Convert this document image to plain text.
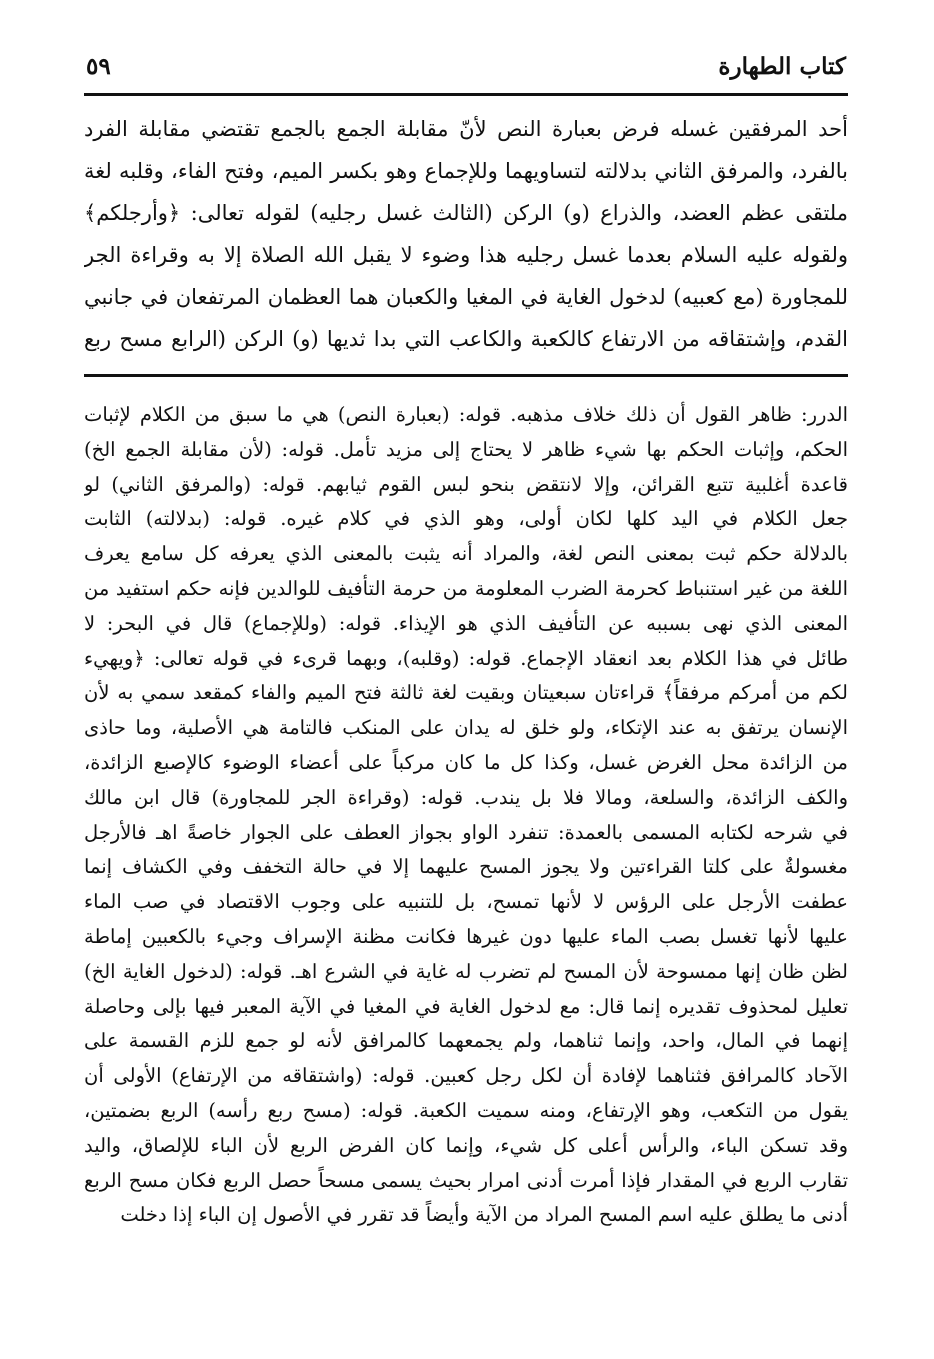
كتاب الطهارة
٥٩
أحد المرفقين غسله فرض بعبارة النص لأنّ مقابلة الجمع بالجمع تقتضي مقابلة الفرد
بالفرد، والمرفق الثاني بدلالته لتساويهما وللإجماع وهو بكسر الميم، وفتح الفاء، وقلبه لغة
ملتقى عظم العضد، والذراع (و) الركن (الثالث غسل رجليه) لقوله تعالى: ﴿وأرجلكم﴾
ولقوله عليه السلام بعدما غسل رجليه هذا وضوء لا يقبل الله الصلاة إلا به وقراءة الجر
للمجاورة (مع كعبيه) لدخول الغاية في المغيا والكعبان هما العظمان المرتفعان في جانبي
القدم، وإشتقاقه من الارتفاع كالكعبة والكاعب التي بدا ثديها (و) الركن (الرابع مسح ربع
الدرر: ظاهر القول أن ذلك خلاف مذهبه. قوله: (بعبارة النص) هي ما سبق من الكلام لإثبات
الحكم، وإثبات الحكم بها شيء ظاهر لا يحتاج إلى مزيد تأمل. قوله: (لأن مقابلة الجمع الخ)
قاعدة أغلبية تتبع القرائن، وإلا لانتقض بنحو لبس القوم ثيابهم. قوله: (والمرفق الثاني) لو
جعل الكلام في اليد كلها لكان أولى، وهو الذي في كلام غيره. قوله: (بدلالته) الثابت
بالدلالة حكم ثبت بمعنى النص لغة، والمراد أنه يثبت بالمعنى الذي يعرفه كل سامع يعرف
اللغة من غير استنباط كحرمة الضرب المعلومة من حرمة التأفيف للوالدين فإنه حكم استفيد من
المعنى الذي نهى بسببه عن التأفيف الذي هو الإيذاء. قوله: (وللإجماع) قال في البحر: لا
طائل في هذا الكلام بعد انعقاد الإجماع. قوله: (وقلبه)، وبهما قرىء في قوله تعالى: ﴿ويهيء
لكم من أمركم مرفقاً﴾ قراءتان سبعيتان وبقيت لغة ثالثة فتح الميم والفاء كمقعد سمي به لأن
الإنسان يرتفق به عند الإتكاء، ولو خلق له يدان على المنكب فالتامة هي الأصلية، وما حاذى
من الزائدة محل الغرض غسل، وكذا كل ما كان مركباً على أعضاء الوضوء كالإصبع الزائدة،
والكف الزائدة، والسلعة، ومالا فلا بل يندب. قوله: (وقراءة الجر للمجاورة) قال ابن مالك
في شرحه لكتابه المسمى بالعمدة: تنفرد الواو بجواز العطف على الجوار خاصةً اهـ فالأرجل
مغسولةٌ على كلتا القراءتين ولا يجوز المسح عليهما إلا في حالة التخفف وفي الكشاف إنما
عطفت الأرجل على الرؤس لا لأنها تمسح، بل للتنبيه على وجوب الاقتصاد في صب الماء
عليها لأنها تغسل بصب الماء عليها دون غيرها فكانت مظنة الإسراف وجيء بالكعبين إماطة
لظن ظان إنها ممسوحة لأن المسح لم تضرب له غاية في الشرع اهـ. قوله: (لدخول الغاية الخ)
تعليل لمحذوف تقديره إنما قال: مع لدخول الغاية في المغيا في الآية المعبر فيها بإلى وحاصلة
إنهما في المال، واحد، وإنما ثناهما، ولم يجمعهما كالمرافق لأنه لو جمع للزم القسمة على
الآحاد كالمرافق فثناهما لإفادة أن لكل رجل كعبين. قوله: (واشتقاقه من الإرتفاع) الأولى أن
يقول من التكعب، وهو الإرتفاع، ومنه سميت الكعبة. قوله: (مسح ربع رأسه) الربع بضمتين،
وقد تسكن الباء، والرأس أعلى كل شيء، وإنما كان الفرض الربع لأن الباء للإلصاق، واليد
تقارب الربع في المقدار فإذا أمرت أدنى امرار بحيث يسمى مسحاً حصل الربع فكان مسح الربع
أدنى ما يطلق عليه اسم المسح المراد من الآية وأيضاً قد تقرر في الأصول إن الباء إذا دخلت
